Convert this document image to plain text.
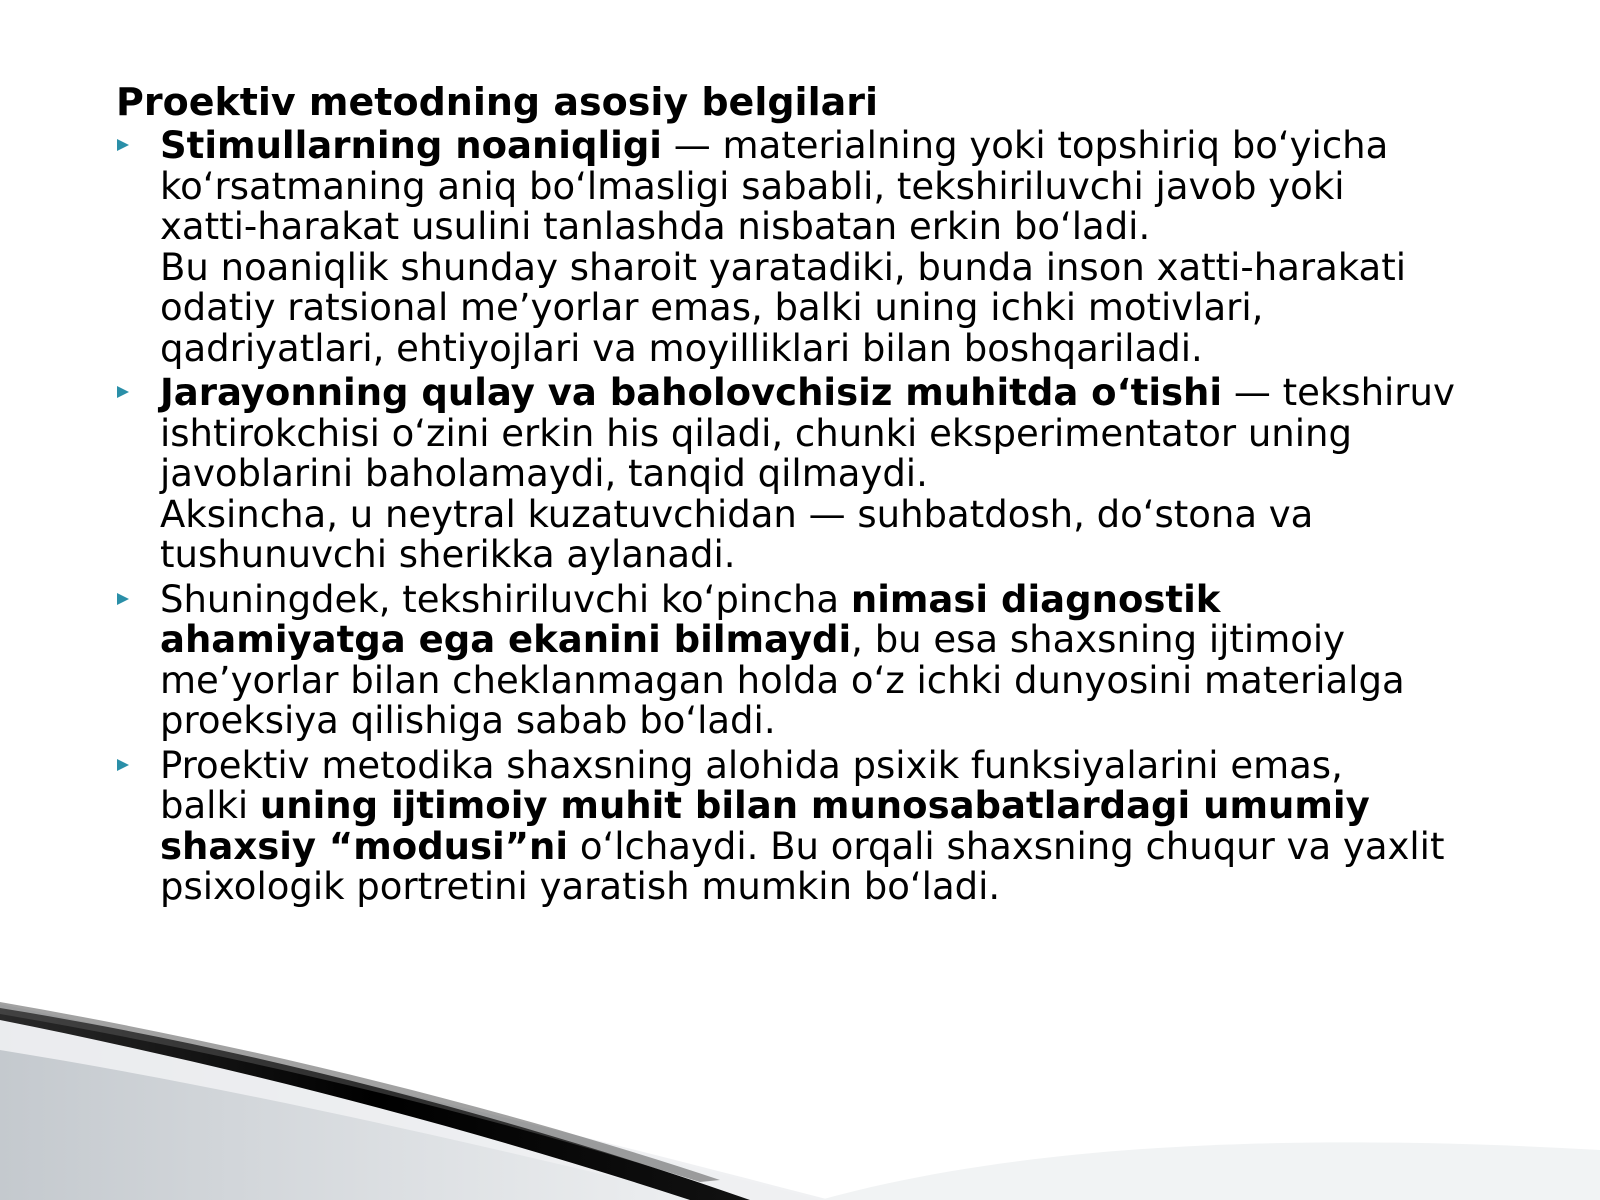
Proektiv metodning asosiy belgilari
Stimullarning noaniqligi — materialning yoki topshiriq boʻyicha
koʻrsatmaning aniq boʻlmasligi sababli, tekshiriluvchi javob yoki
xatti-harakat usulini tanlashda nisbatan erkin boʻladi.
Bu noaniqlik shunday sharoit yaratadiki, bunda inson xatti-harakati
odatiy ratsional meʼyorlar emas, balki uning ichki motivlari,
qadriyatlari, ehtiyojlari va moyilliklari bilan boshqariladi.
Jarayonning qulay va baholovchisiz muhitda oʻtishi — tekshiruv
ishtirokchisi oʻzini erkin his qiladi, chunki eksperimentator uning
javoblarini baholamaydi, tanqid qilmaydi.
Aksincha, u neytral kuzatuvchidan — suhbatdosh, doʻstona va
tushunuvchi sherikka aylanadi.
Shuningdek, tekshiriluvchi koʻpincha nimasi diagnostik
ahamiyatga ega ekanini bilmaydi, bu esa shaxsning ijtimoiy
meʼyorlar bilan cheklanmagan holda oʻz ichki dunyosini materialga
proeksiya qilishiga sabab boʻladi.
Proektiv metodika shaxsning alohida psixik funksiyalarini emas,
balki uning ijtimoiy muhit bilan munosabatlardagi umumiy
shaxsiy “modusi”ni oʻlchaydi. Bu orqali shaxsning chuqur va yaxlit
psixologik portretini yaratish mumkin boʻladi.
